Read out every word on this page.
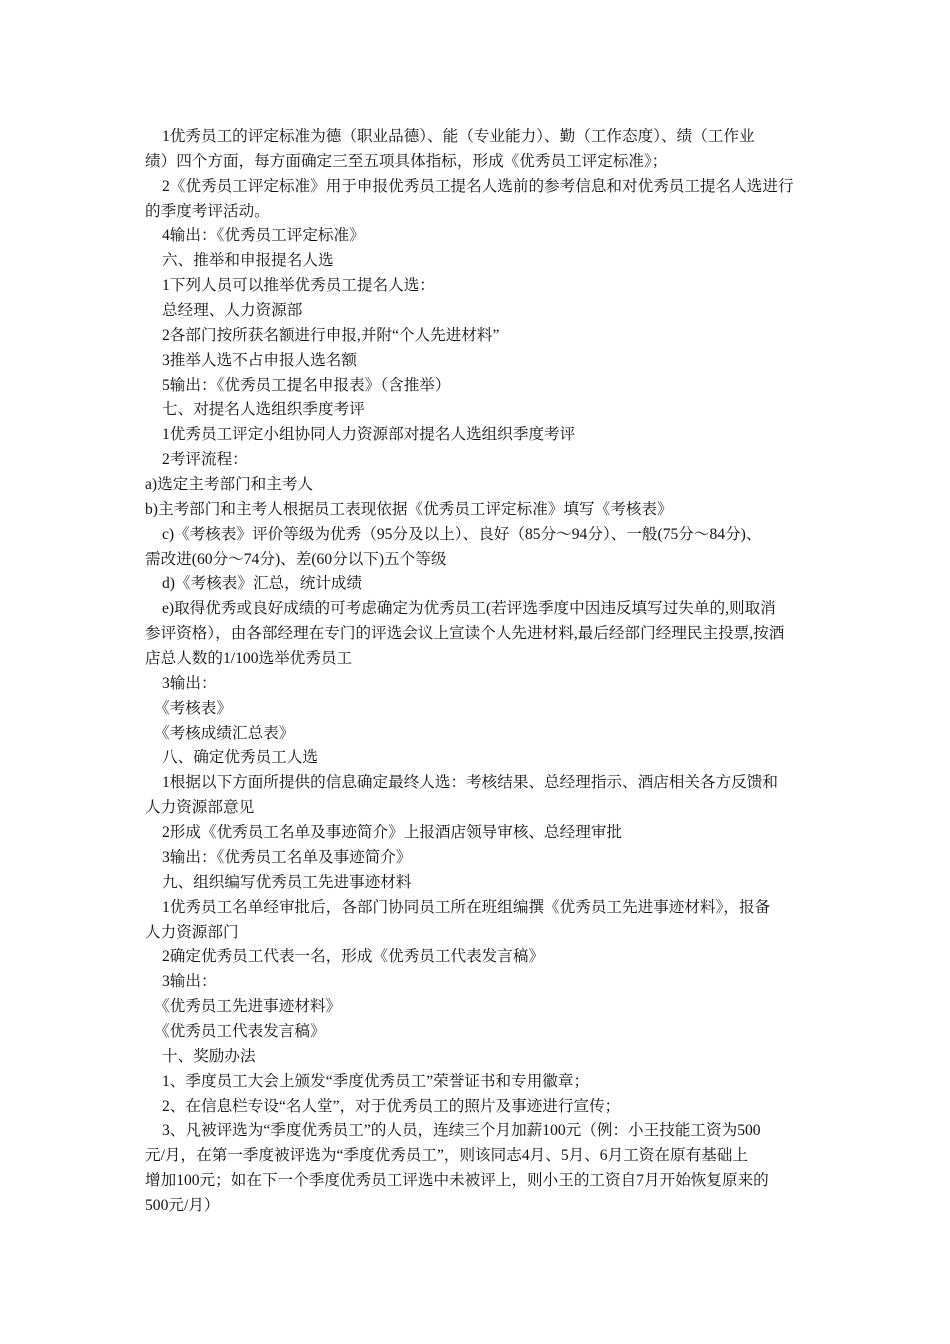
1优秀员工的评定标准为德（职业品德）、能（专业能力）、勤（工作态度）、绩（工作业
绩）四个方面，每方面确定三至五项具体指标，形成《优秀员工评定标准》；
2《优秀员工评定标准》用于申报优秀员工提名人选前的参考信息和对优秀员工提名人选进行
的季度考评活动。
4输出：《优秀员工评定标准》
六、推举和申报提名人选
1下列人员可以推举优秀员工提名人选：
总经理、人力资源部
2各部门按所获名额进行申报,并附“个人先进材料”
3推举人选不占申报人选名额
5输出：《优秀员工提名申报表》（含推举）
七、对提名人选组织季度考评
1优秀员工评定小组协同人力资源部对提名人选组织季度考评
2考评流程：
a)选定主考部门和主考人
b)主考部门和主考人根据员工表现依据《优秀员工评定标准》填写《考核表》
c)《考核表》评价等级为优秀（95分及以上）、良好（85分～94分）、一般(75分～84分)、
需改进(60分～74分)、差(60分以下)五个等级
d)《考核表》汇总，统计成绩
e)取得优秀或良好成绩的可考虑确定为优秀员工(若评选季度中因违反填写过失单的,则取消
参评资格），由各部经理在专门的评选会议上宣读个人先进材料,最后经部门经理民主投票,按酒
店总人数的1/100选举优秀员工
3输出：
《考核表》
《考核成绩汇总表》
八、确定优秀员工人选
1根据以下方面所提供的信息确定最终人选：考核结果、总经理指示、酒店相关各方反馈和
人力资源部意见
2形成《优秀员工名单及事迹简介》上报酒店领导审核、总经理审批
3输出：《优秀员工名单及事迹简介》
九、组织编写优秀员工先进事迹材料
1优秀员工名单经审批后，各部门协同员工所在班组编撰《优秀员工先进事迹材料》，报备
人力资源部门
2确定优秀员工代表一名，形成《优秀员工代表发言稿》
3输出：
《优秀员工先进事迹材料》
《优秀员工代表发言稿》
十、奖励办法
1、季度员工大会上颁发“季度优秀员工”荣誉证书和专用徽章；
2、在信息栏专设“名人堂”，对于优秀员工的照片及事迹进行宣传；
3、凡被评选为“季度优秀员工”的人员，连续三个月加薪100元（例：小王技能工资为500
元/月，在第一季度被评选为“季度优秀员工”，则该同志4月、5月、6月工资在原有基础上
增加100元；如在下一个季度优秀员工评选中未被评上，则小王的工资自7月开始恢复原来的
500元/月）
